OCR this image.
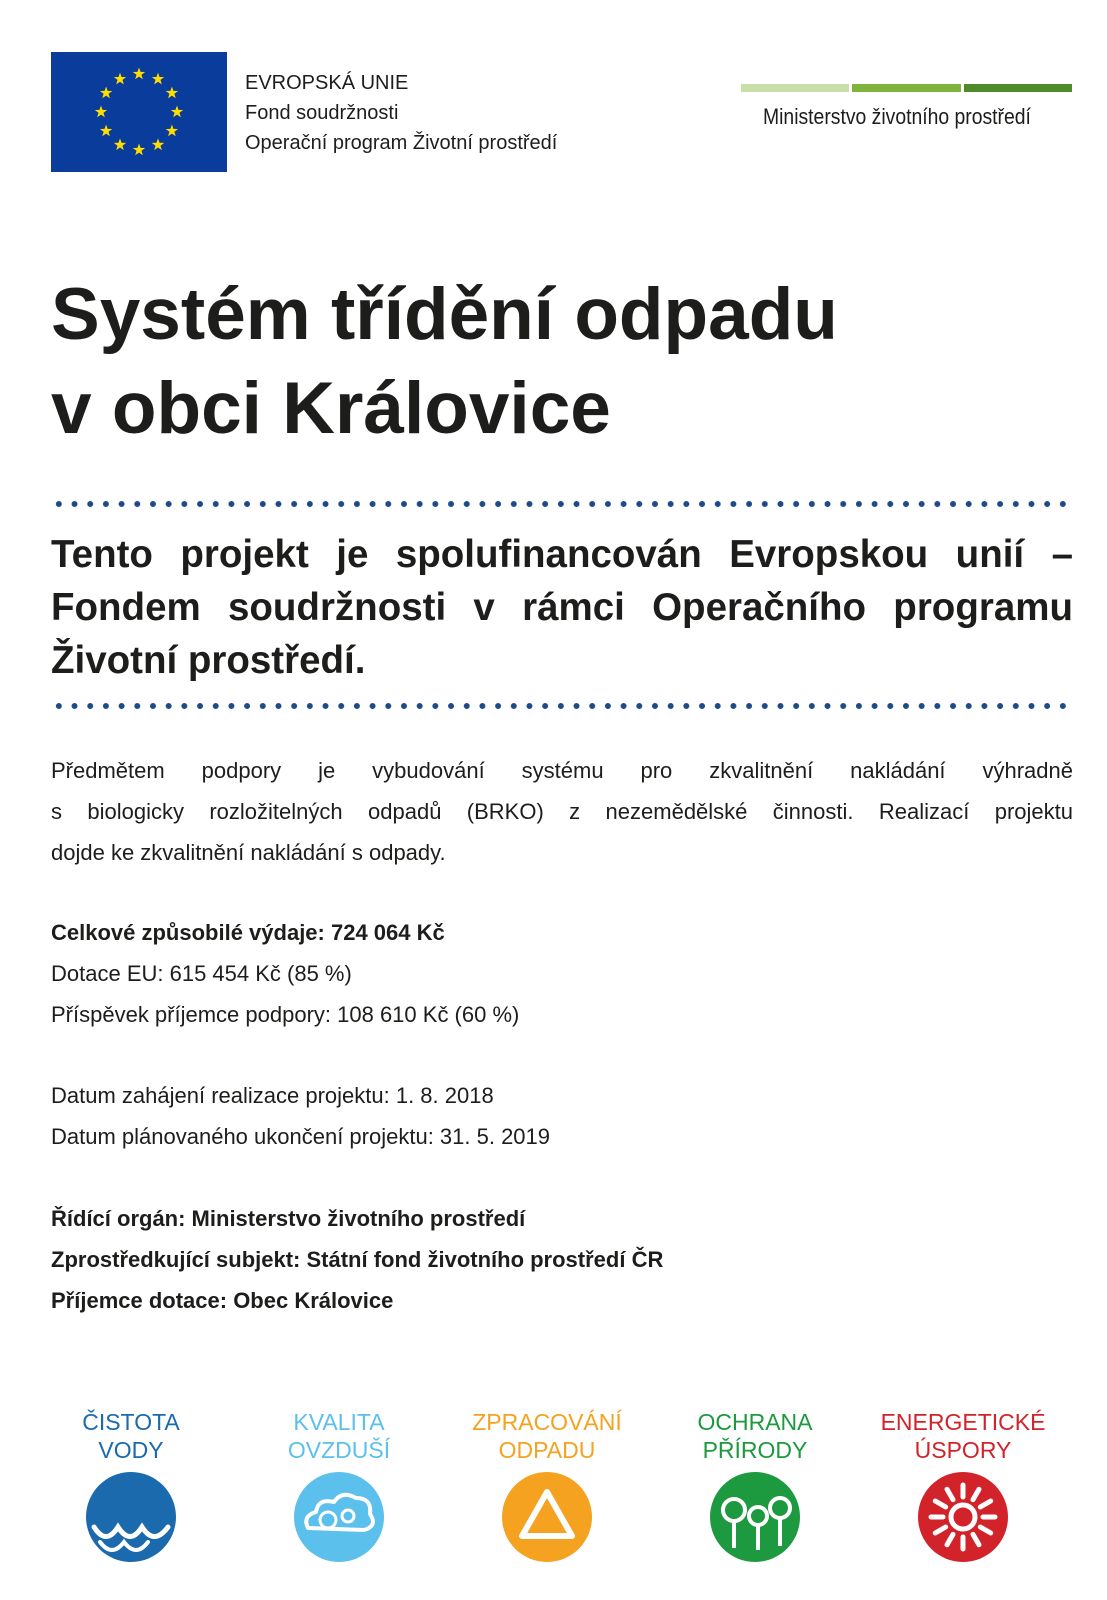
EVROPSKÁ UNIE
Fond soudržnosti
Operační program Životní prostředí
Ministerstvo životního prostředí
Systém třídění odpadu
v obci Královice
Tento projekt je spolufinancován Evropskou unií –
Fondem soudržnosti v rámci Operačního programu
Životní prostředí.
Předmětem podpory je vybudování systému pro zkvalitnění nakládání výhradně
s biologicky rozložitelných odpadů (BRKO) z nezemědělské činnosti. Realizací projektu
dojde ke zkvalitnění nakládání s odpady.
Celkové způsobilé výdaje: 724 064 Kč
Dotace EU: 615 454 Kč (85 %)
Příspěvek příjemce podpory: 108 610 Kč (60 %)
Datum zahájení realizace projektu: 1. 8. 2018
Datum plánovaného ukončení projektu: 31. 5. 2019
Řídící orgán: Ministerstvo životního prostředí
Zprostředkující subjekt: Státní fond životního prostředí ČR
Příjemce dotace: Obec Královice
ČISTOTA
VODY
KVALITA
OVZDUŠÍ
ZPRACOVÁNÍ
ODPADU
OCHRANA
PŘÍRODY
ENERGETICKÉ
ÚSPORY
